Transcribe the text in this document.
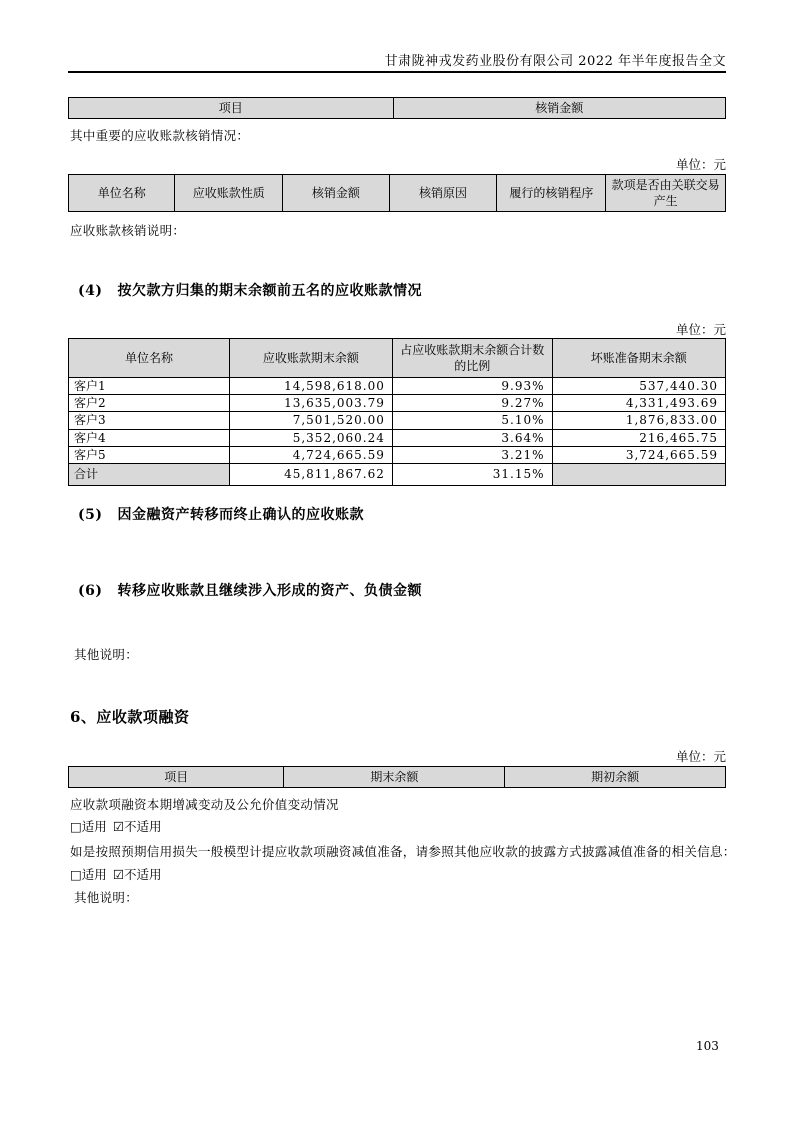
甘肃陇神戎发药业股份有限公司 2022 年半年度报告全文
项目	核销金额
其中重要的应收账款核销情况：
单位：元
单位名称	应收账款性质	核销金额	核销原因	履行的核销程序	款项是否由关联交易产生
应收账款核销说明：
(4) 按欠款方归集的期末余额前五名的应收账款情况
单位：元
单位名称	应收账款期末余额	占应收账款期末余额合计数的比例	坏账准备期末余额
客户1	14,598,618.00	9.93%	537,440.30
客户2	13,635,003.79	9.27%	4,331,493.69
客户3	7,501,520.00	5.10%	1,876,833.00
客户4	5,352,060.24	3.64%	216,465.75
客户5	4,724,665.59	3.21%	3,724,665.59
合计	45,811,867.62	31.15%	
(5) 因金融资产转移而终止确认的应收账款
(6) 转移应收账款且继续涉入形成的资产、负债金额
其他说明：
6、应收款项融资
单位：元
项目	期末余额	期初余额
应收款项融资本期增减变动及公允价值变动情况
□适用 ☑不适用
如是按照预期信用损失一般模型计提应收款项融资减值准备，请参照其他应收款的披露方式披露减值准备的相关信息：
□适用 ☑不适用
其他说明：
103
